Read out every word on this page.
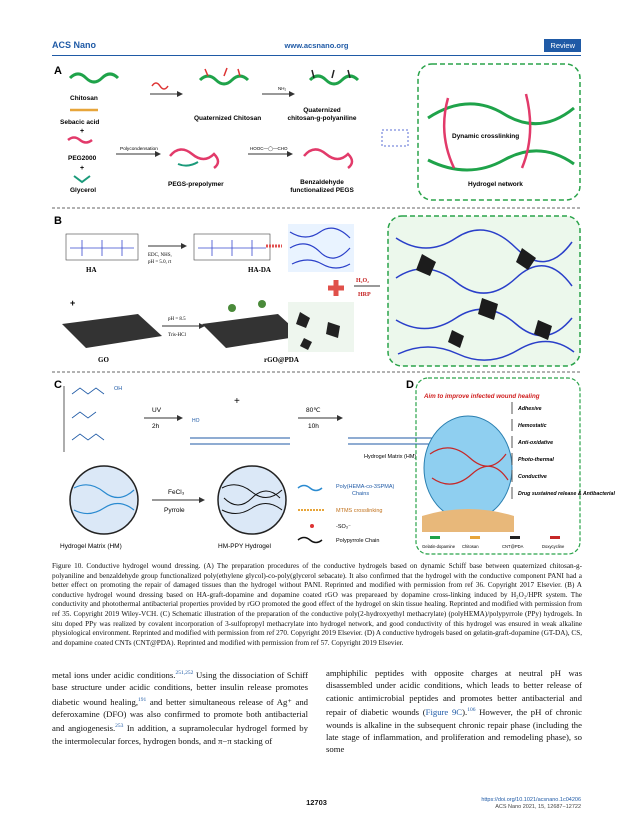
ACS Nano	www.acsnano.org	Review
A
Chitosan
Quaternized Chitosan
NH₂
Quaternized
chitosan-g-polyaniline
Sebacic acid
+
PEG2000
+
Glycerol
Polycondensation
PEGS-prepolymer
HOOC—◯—CHO
Benzaldehyde
functionalized PEGS
Dynamic crosslinking
Hydrogel network
B
HA
EDC, NHS,
pH = 5.0, rt
HA-DA
H₂O₂
HRP
+
GO
pH = 8.5
Tris-HCl
rGO@PDA
C	OH
UV
2h
HO
+
80℃
10h
Hydrogel Matrix (HM)
Hydrogel Matrix (HM)
FeCl₃
Pyrrole
HM-PPY Hydrogel
Poly(HEMA-co-3SPMA)
Chains
MTMS crosslinking
-SO₃⁻
Polypyrrole Chain
D
Aim to improve infected wound healing
Adhesive
Hemostatic
Anti-oxidative
Photo-thermal
Conductive
Drug sustained release & Antibacterial
Gelatin-dopamine Chitosan	CNT@PDA	Doxycycline
Figure 10. Conductive hydrogel wound dressing. (A) The preparation procedures of the conductive hydrogels based on dynamic Schiff base between quaternized chitosan-g-polyaniline and benzaldehyde group functionalized poly(ethylene glycol)-co-poly(glycerol sebacate). It also confirmed that the hydrogel with the conductive component PANI had a better effect on promoting the repair of damaged tissues than the hydrogel without PANI. Reprinted and modified with permission from ref 36. Copyright 2017 Elsevier. (B) A conductive hydrogel wound dressing based on HA-graft-dopamine and dopamine coated rGO was prepareaed by dopamine cross-linking induced by H₂O₂/HPR system. The conductivity and photothermal antibacterial properties provided by rGO promoted the good effect of the hydrogel on skin tissue healing. Reprinted and modified with permission from ref 35. Copyright 2019 Wiley-VCH. (C) Schematic illustration of the preparation of the conductive poly(2-hydroxyethyl methacrylate) (polyHEMA)/polypyrrole (PPy) hydrogels. In situ doped PPy was realized by covalent incorporation of 3-sulfopropyl methacrylate into hydrogel network, and good conductivity of this hydrogel was ensured in weak alkaline physiological environment. Reprinted and modified with permission from ref 270. Copyright 2019 Elsevier. (D) A conductive hydrogels based on gelatin-graft-dopamine (GT-DA), CS, and dopamine coated CNTs (CNT@PDA). Reprinted and modified with permission from ref 57. Copyright 2019 Elsevier.
metal ions under acidic conditions.$^{251,252}$ Using the dissociation of Schiff base structure under acidic conditions, better insulin release promotes diabetic wound healing,$^{191}$ and better simultaneous release of Ag⁺ and deferoxamine (DFO) was also confirmed to promote both antibacterial and angiogenesis.$^{253}$ In addition, a supramolecular hydrogel formed by the intermolecular forces, hydrogen bonds, and π−π stacking of
amphiphilic peptides with opposite charges at neutral pH was disassembled under acidic conditions, which leads to better release of cationic antimicrobial peptides and promotes better antibacterial and repair of diabetic wounds (Figure 9C).$^{106}$ However, the pH of chronic wounds is alkaline in the subsequent chronic repair phase (including the late stage of inflammation, and proliferation and remodeling phase), so some
12703	https://doi.org/10.1021/acsnano.1c04206
ACS Nano 2021, 15, 12687−12722
